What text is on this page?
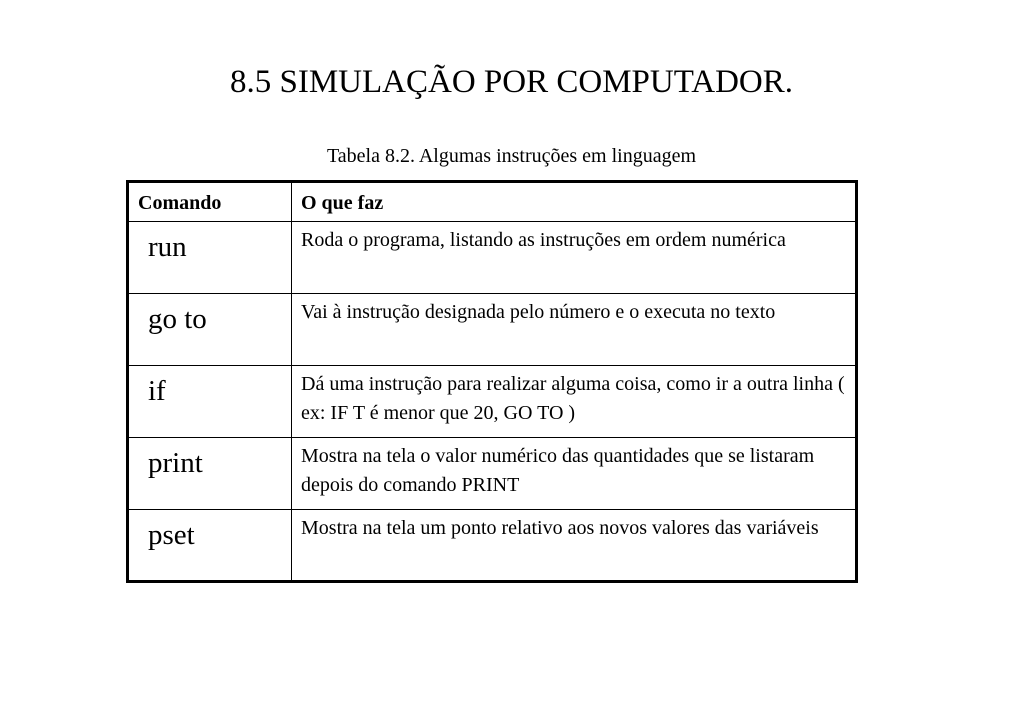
8.5 SIMULAÇÃO POR COMPUTADOR.
Tabela 8.2. Algumas instruções em linguagem
Comando	O que faz
run	Roda o programa, listando as instruções em ordem numérica
go to	Vai à instrução designada pelo número e o executa no texto
if	Dá uma instrução para realizar alguma coisa, como ir a outra linha ( ex: IF T é menor que 20, GO TO )
print	Mostra na tela o valor numérico das quantidades que se listaram depois do comando PRINT
pset	Mostra na tela um ponto relativo aos novos valores das variáveis
